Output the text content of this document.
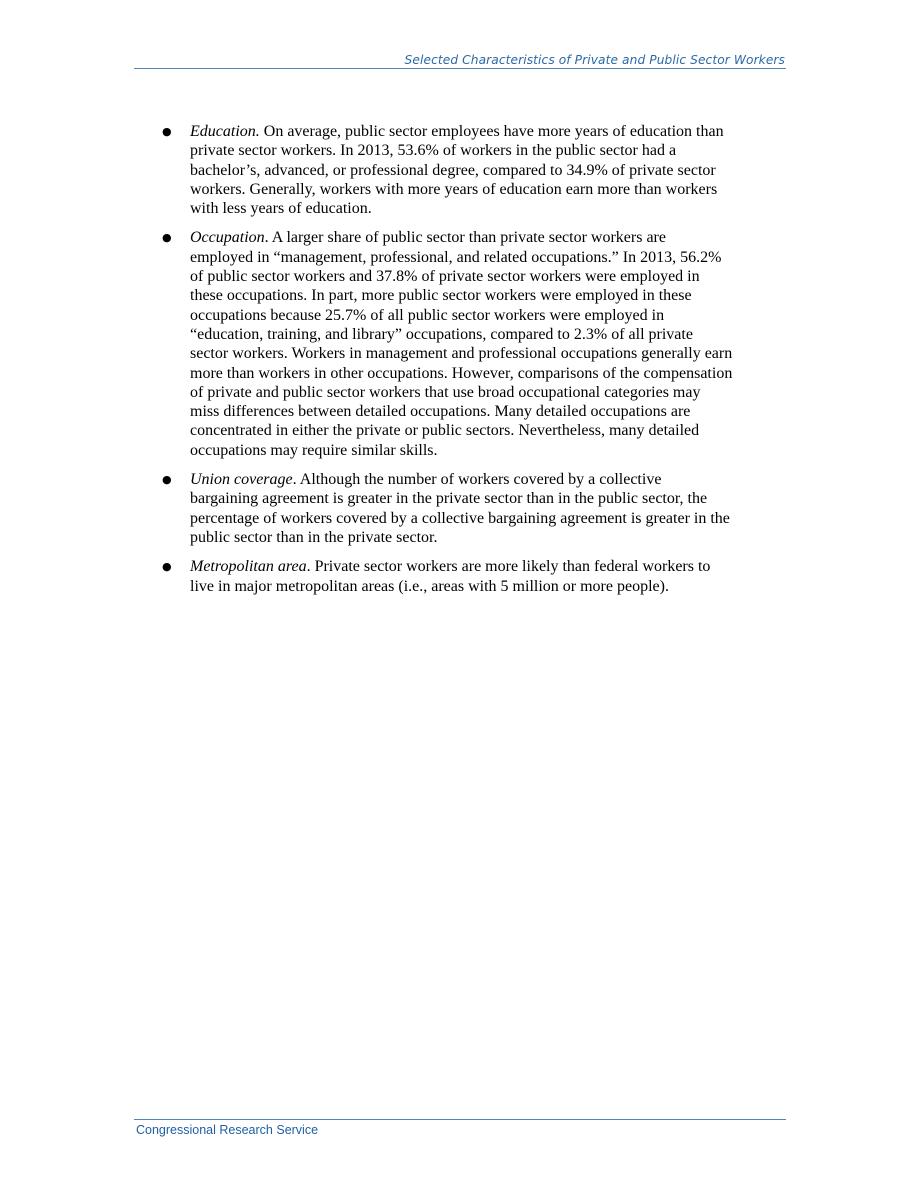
Selected Characteristics of Private and Public Sector Workers
● Education. On average, public sector employees have more years of education than private sector workers. In 2013, 53.6% of workers in the public sector had a bachelor’s, advanced, or professional degree, compared to 34.9% of private sector workers. Generally, workers with more years of education earn more than workers with less years of education.
● Occupation. A larger share of public sector than private sector workers are employed in “management, professional, and related occupations.” In 2013, 56.2% of public sector workers and 37.8% of private sector workers were employed in these occupations. In part, more public sector workers were employed in these occupations because 25.7% of all public sector workers were employed in “education, training, and library” occupations, compared to 2.3% of all private sector workers. Workers in management and professional occupations generally earn more than workers in other occupations. However, comparisons of the compensation of private and public sector workers that use broad occupational categories may miss differences between detailed occupations. Many detailed occupations are concentrated in either the private or public sectors. Nevertheless, many detailed occupations may require similar skills.
● Union coverage. Although the number of workers covered by a collective bargaining agreement is greater in the private sector than in the public sector, the percentage of workers covered by a collective bargaining agreement is greater in the public sector than in the private sector.
● Metropolitan area. Private sector workers are more likely than federal workers to live in major metropolitan areas (i.e., areas with 5 million or more people).
Congressional Research Service
